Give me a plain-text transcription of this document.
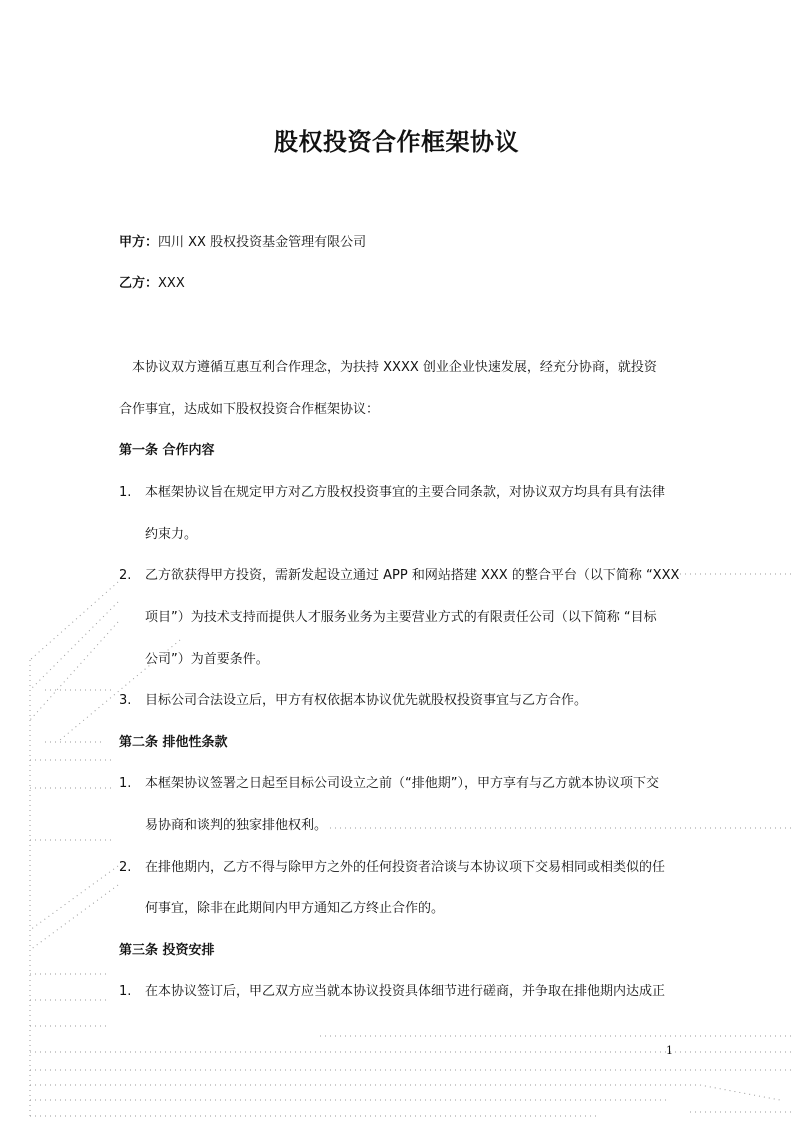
股权投资合作框架协议
甲方：四川 XX 股权投资基金管理有限公司
乙方：XXX
本协议双方遵循互惠互利合作理念，为扶持 XXXX 创业企业快速发展，经充分协商，就投资
合作事宜，达成如下股权投资合作框架协议：
第一条 合作内容
1. 本框架协议旨在规定甲方对乙方股权投资事宜的主要合同条款，对协议双方均具有具有法律
约束力。
2. 乙方欲获得甲方投资，需新发起设立通过 APP 和网站搭建 XXX 的整合平台（以下简称 “XXX
项目”）为技术支持而提供人才服务业务为主要营业方式的有限责任公司（以下简称 “目标
公司”）为首要条件。
3. 目标公司合法设立后，甲方有权依据本协议优先就股权投资事宜与乙方合作。
第二条 排他性条款
1. 本框架协议签署之日起至目标公司设立之前（“排他期”），甲方享有与乙方就本协议项下交
易协商和谈判的独家排他权利。
2. 在排他期内，乙方不得与除甲方之外的任何投资者洽谈与本协议项下交易相同或相类似的任
何事宜，除非在此期间内甲方通知乙方终止合作的。
第三条 投资安排
1. 在本协议签订后，甲乙双方应当就本协议投资具体细节进行磋商，并争取在排他期内达成正
1
